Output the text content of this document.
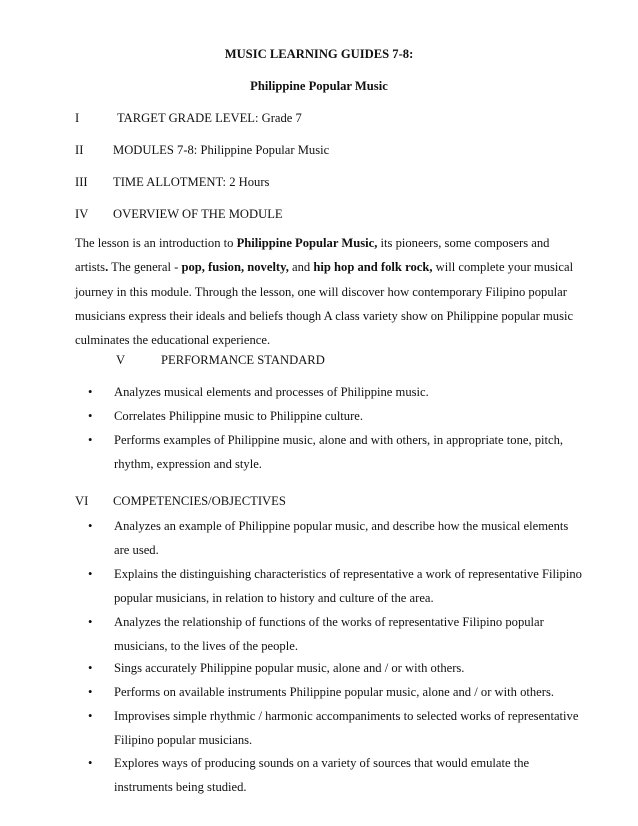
MUSIC LEARNING GUIDES 7-8:
Philippine Popular Music
I	TARGET GRADE LEVEL: Grade 7
II MODULES 7-8: Philippine Popular Music
III TIME ALLOTMENT: 2 Hours
IV OVERVIEW OF THE MODULE
The lesson is an introduction to Philippine Popular Music, its pioneers, some composers and artists. The general - pop, fusion, novelty, and hip hop and folk rock, will complete your musical journey in this module. Through the lesson, one will discover how contemporary Filipino popular musicians express their ideals and beliefs though A class variety show on Philippine popular music culminates the educational experience.
V	PERFORMANCE STANDARD
• Analyzes musical elements and processes of Philippine music.
• Correlates Philippine music to Philippine culture.
• Performs examples of Philippine music, alone and with others, in appropriate tone, pitch, rhythm, expression and style.
VI COMPETENCIES/OBJECTIVES
• Analyzes an example of Philippine popular music, and describe how the musical elements are used.
• Explains the distinguishing characteristics of representative a work of representative Filipino popular musicians, in relation to history and culture of the area.
• Analyzes the relationship of functions of the works of representative Filipino popular musicians, to the lives of the people.
• Sings accurately Philippine popular music, alone and / or with others.
• Performs on available instruments Philippine popular music, alone and / or with others.
• Improvises simple rhythmic / harmonic accompaniments to selected works of representative Filipino popular musicians.
• Explores ways of producing sounds on a variety of sources that would emulate the instruments being studied.
